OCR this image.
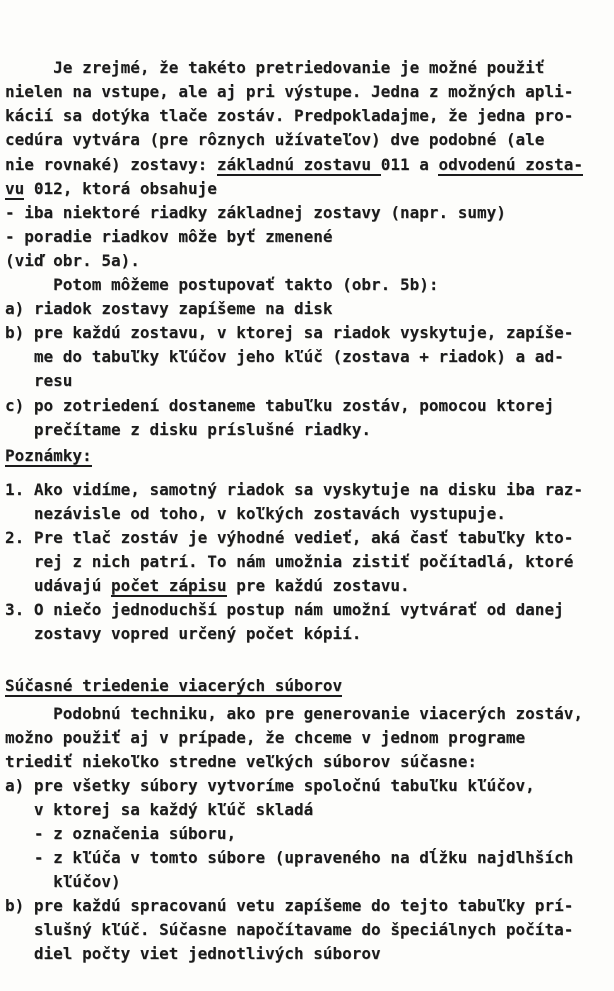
Je zrejmé, že takéto pretriedovanie je možné použiť
nielen na vstupe, ale aj pri výstupe. Jedna z možných apli-
kácií sa dotýka tlače zostáv. Predpokladajme, že jedna pro-
cedúra vytvára (pre rôznych užívateľov) dve podobné (ale
nie rovnaké) zostavy: základnú zostavu 011 a odvodenú zosta-
vu 012, ktorá obsahuje
- iba niektoré riadky základnej zostavy (napr. sumy)
- poradie riadkov môže byť zmenené
(viď obr. 5a).
Potom môžeme postupovať takto (obr. 5b):
a) riadok zostavy zapíšeme na disk
b) pre každú zostavu, v ktorej sa riadok vyskytuje, zapíše-
me do tabuľky kľúčov jeho kľúč (zostava + riadok) a ad-
resu
c) po zotriedení dostaneme tabuľku zostáv, pomocou ktorej
prečítame z disku príslušné riadky.
Poznámky:
1. Ako vidíme, samotný riadok sa vyskytuje na disku iba raz-
nezávisle od toho, v koľkých zostavách vystupuje.
2. Pre tlač zostáv je výhodné vedieť, aká časť tabuľky kto-
rej z nich patrí. To nám umožnia zistiť počítadlá, ktoré
udávajú počet zápisu pre každú zostavu.
3. O niečo jednoduchší postup nám umožní vytvárať od danej
zostavy vopred určený počet kópií.
Súčasné triedenie viacerých súborov
Podobnú techniku, ako pre generovanie viacerých zostáv,
možno použiť aj v prípade, že chceme v jednom programe
triediť niekoľko stredne veľkých súborov súčasne:
a) pre všetky súbory vytvoríme spoločnú tabuľku kľúčov,
v ktorej sa každý kľúč skladá
- z označenia súboru,
- z kľúča v tomto súbore (upraveného na dĺžku najdlhších
kľúčov)
b) pre každú spracovanú vetu zapíšeme do tejto tabuľky prí-
slušný kľúč. Súčasne napočítavame do špeciálnych počíta-
diel počty viet jednotlivých súborov
